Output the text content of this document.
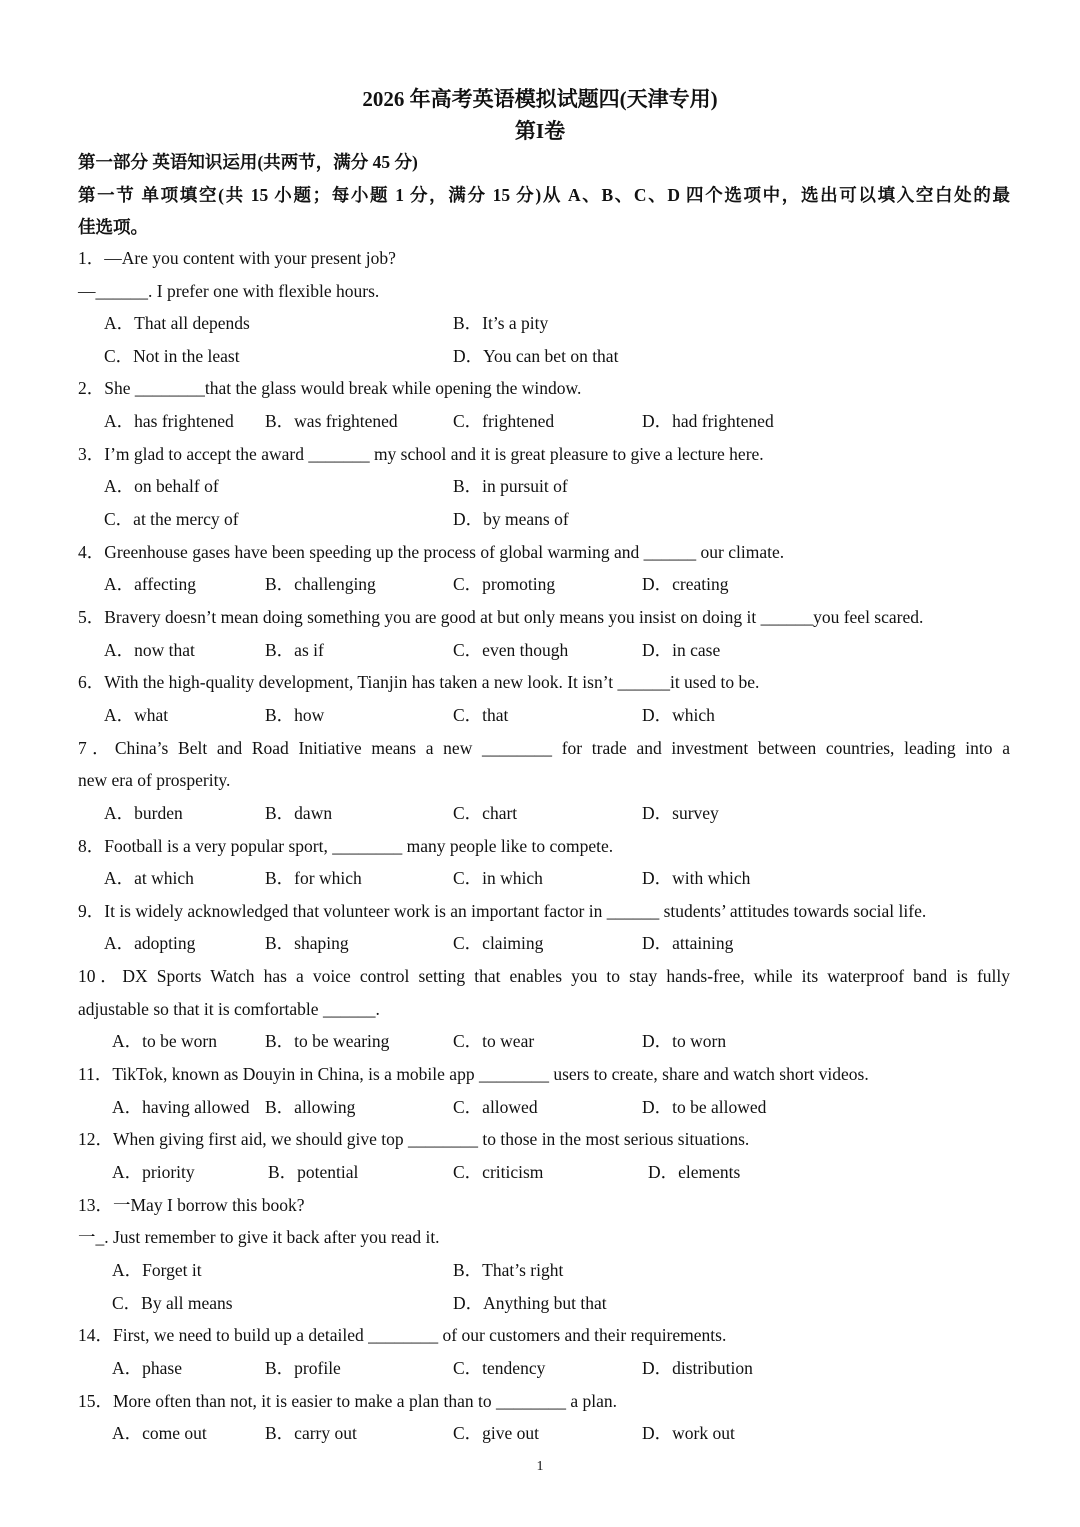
2026 年高考英语模拟试题四(天津专用)
第I卷
第一部分 英语知识运用(共两节，满分 45 分)
第一节 单项填空(共 15 小题；每小题 1 分，满分 15 分)从 A、B、C、D 四个选项中，选出可以填入空白处的最
佳选项。
1．—Are you content with your present job?
—______. I prefer one with flexible hours.
A．That all depends	B．It’s a pity
C．Not in the least	D．You can bet on that
2．She ________that the glass would break while opening the window.
A．has frightened B．was frightened	C．frightened	D．had frightened
3．I’m glad to accept the award _______ my school and it is great pleasure to give a lecture here.
A．on behalf of	B．in pursuit of
C．at the mercy of	D．by means of
4．Greenhouse gases have been speeding up the process of global warming and ______ our climate.
A．affecting	B．challenging	C．promoting	D．creating
5．Bravery doesn’t mean doing something you are good at but only means you insist on doing it ______you feel scared.
A．now that	B．as if	C．even though	D．in case
6．With the high-quality development, Tianjin has taken a new look. It isn’t ______it used to be.
A．what	B．how	C．that	D．which
7．China’s Belt and Road Initiative means a new ________ for trade and investment between countries, leading into a
new era of prosperity.
A．burden	B．dawn	C．chart	D．survey
8．Football is a very popular sport, ________ many people like to compete.
A．at which	B．for which	C．in which	D．with which
9．It is widely acknowledged that volunteer work is an important factor in ______ students’ attitudes towards social life.
A．adopting	B．shaping	C．claiming	D．attaining
10．DX Sports Watch has a voice control setting that enables you to stay hands-free, while its waterproof band is fully
adjustable so that it is comfortable ______.
A．to be worn	B．to be wearing	C．to wear	D．to worn
11．TikTok, known as Douyin in China, is a mobile app ________ users to create, share and watch short videos.
A．having allowed B．allowing	C．allowed	D．to be allowed
12．When giving first aid, we should give top ________ to those in the most serious situations.
A．priority	B．potential	C．criticism	D．elements
13．一May I borrow this book?
一_. Just remember to give it back after you read it.
A．Forget it	B．That’s right
C．By all means	D．Anything but that
14．First, we need to build up a detailed ________ of our customers and their requirements.
A．phase	B．profile	C．tendency	D．distribution
15．More often than not, it is easier to make a plan than to ________ a plan.
A．come out	B．carry out	C．give out	D．work out
1
